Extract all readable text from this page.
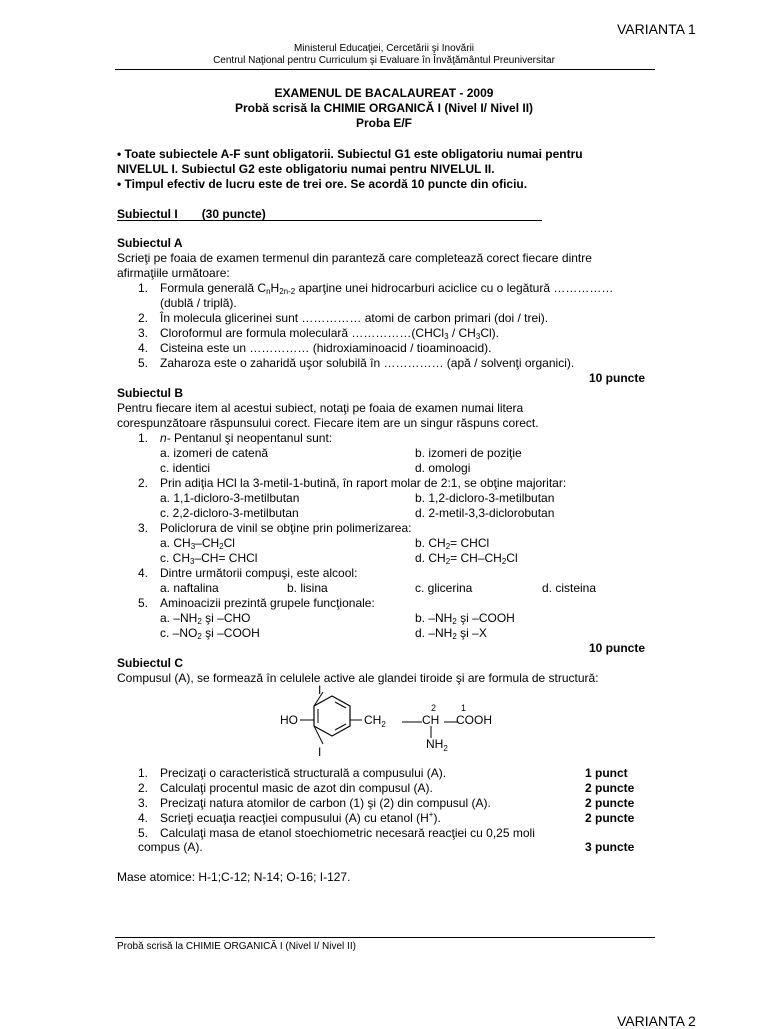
VARIANTA 1
Ministerul Educaţiei, Cercetării şi Inovării
Centrul Naţional pentru Curriculum şi Evaluare în Învăţământul Preuniversitar
EXAMENUL DE BACALAUREAT - 2009
Probă scrisă la CHIMIE ORGANICĂ I (Nivel I/ Nivel II)
Proba E/F
• Toate subiectele A-F sunt obligatorii. Subiectul G1 este obligatoriu numai pentru
NIVELUL I. Subiectul G2 este obligatoriu numai pentru NIVELUL II.
• Timpul efectiv de lucru este de trei ore. Se acordă 10 puncte din oficiu.
Subiectul I (30 puncte)
Subiectul A
Scrieţi pe foaia de examen termenul din paranteză care completează corect fiecare dintre
afirmaţiile următoare:
1. Formula generală $C_nH_{2n-2}$ aparţine unei hidrocarburi aciclice cu o legătură ……………
(dublă / triplă).
2. În molecula glicerinei sunt …………… atomi de carbon primari (doi / trei).
3. Cloroformul are formula moleculară ……………(CHCl$_3$ / $CH_3Cl$).
4. Cisteina este un …………… (hidroxiaminoacid / tioaminoacid).
5. Zaharoza este o zaharidă uşor solubilă în …………… (apă / solvenţi organici).
10 puncte
Subiectul B
Pentru fiecare item al acestui subiect, notaţi pe foaia de examen numai litera
corespunzătoare răspunsului corect. Fiecare item are un singur răspuns corect.
1. n- Pentanul şi neopentanul sunt:
a. izomeri de catenă	b. izomeri de poziţie
c. identici	d. omologi
2. Prin adiţia HCl la 3-metil-1-butină, în raport molar de 2:1, se obţine majoritar:
a. 1,1-dicloro-3-metilbutan	b. 1,2-dicloro-3-metilbutan
c. 2,2-dicloro-3-metilbutan	d. 2-metil-3,3-diclorobutan
3. Policlorura de vinil se obţine prin polimerizarea:
a. $CH_3-CH_2Cl$	b. $CH_2=$ CHCl
c. $CH_3-CH=$ CHCl	d. $CH_2= CH-CH_2Cl$
4. Dintre următorii compuşi, este alcool:
a. naftalina	b. lisina	c. glicerina	d. cisteina
5. Aminoacizii prezintă grupele funcţionale:
a. $-NH_2$ şi –CHO	b. $-NH_2$ şi –COOH
c. $-NO_2$ şi –COOH	d. $-NH_2$ şi –X
10 puncte
Subiectul C
Compusul (A), se formează în celulele active ale glandei tiroide şi are formula de structură:
I
I
HO	$CH_2$	CH COOH
$NH_2$
2	1
1. Precizaţi o caracteristică structurală a compusului (A).	1 punct
2. Calculaţi procentul masic de azot din compusul (A).	2 puncte
3. Precizaţi natura atomilor de carbon (1) şi (2) din compusul (A).	2 puncte
4. Scrieţi ecuaţia reacţiei compusului (A) cu etanol (H+).	2 puncte
5. Calculaţi masa de etanol stoechiometric necesară reacţiei cu 0,25 moli
compus (A).	3 puncte
Mase atomice: H-1;C-12; N-14; O-16; I-127.
Probă scrisă la CHIMIE ORGANICĂ I (Nivel I/ Nivel II)
VARIANTA 2
